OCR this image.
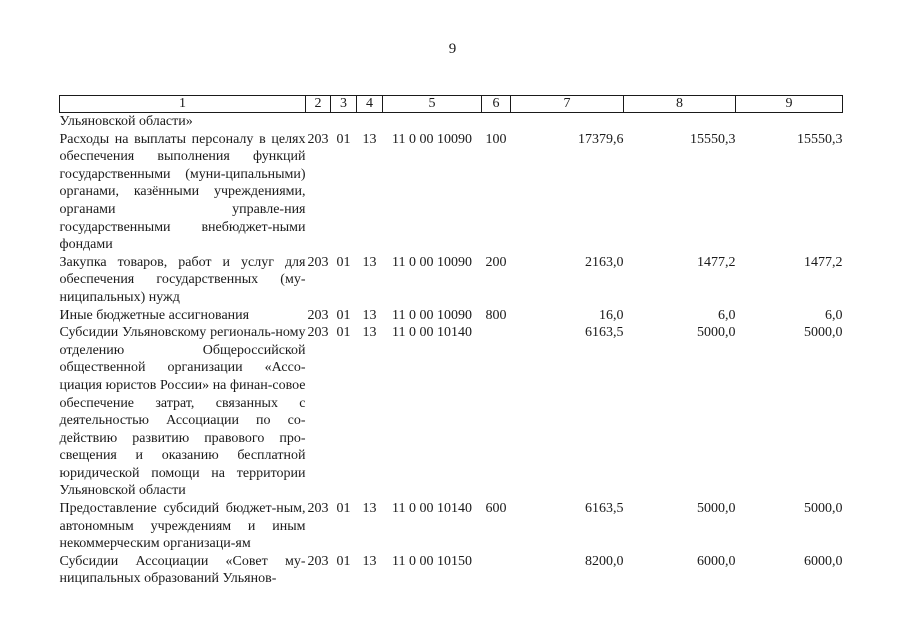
9
1	2	3	4	5	6	7	8	9
Ульяновской области»								
Расходы на выплаты персоналу в целях обеспечения выполнения функций государственными (муни-ципальными) органами, казёнными учреждениями, органами управле-ния государственными внебюджет-ными фондами	203	01	13	11 0 00 10090	100	17379,6	15550,3	15550,3
Закупка товаров, работ и услуг для обеспечения государственных (му-ниципальных) нужд	203	01	13	11 0 00 10090	200	2163,0	1477,2	1477,2
Иные бюджетные ассигнования	203	01	13	11 0 00 10090	800	16,0	6,0	6,0
Субсидии Ульяновскому региональ-ному отделению Общероссийской общественной организации «Ассо-циация юристов России» на финан-совое обеспечение затрат, связанных с деятельностью Ассоциации по со-действию развитию правового про-свещения и оказанию бесплатной юридической помощи на территории Ульяновской области	203	01	13	11 0 00 10140		6163,5	5000,0	5000,0
Предоставление субсидий бюджет-ным, автономным учреждениям и иным некоммерческим организаци-ям	203	01	13	11 0 00 10140	600	6163,5	5000,0	5000,0
Субсидии Ассоциации «Совет му-ниципальных образований Ульянов-	203	01	13	11 0 00 10150		8200,0	6000,0	6000,0
